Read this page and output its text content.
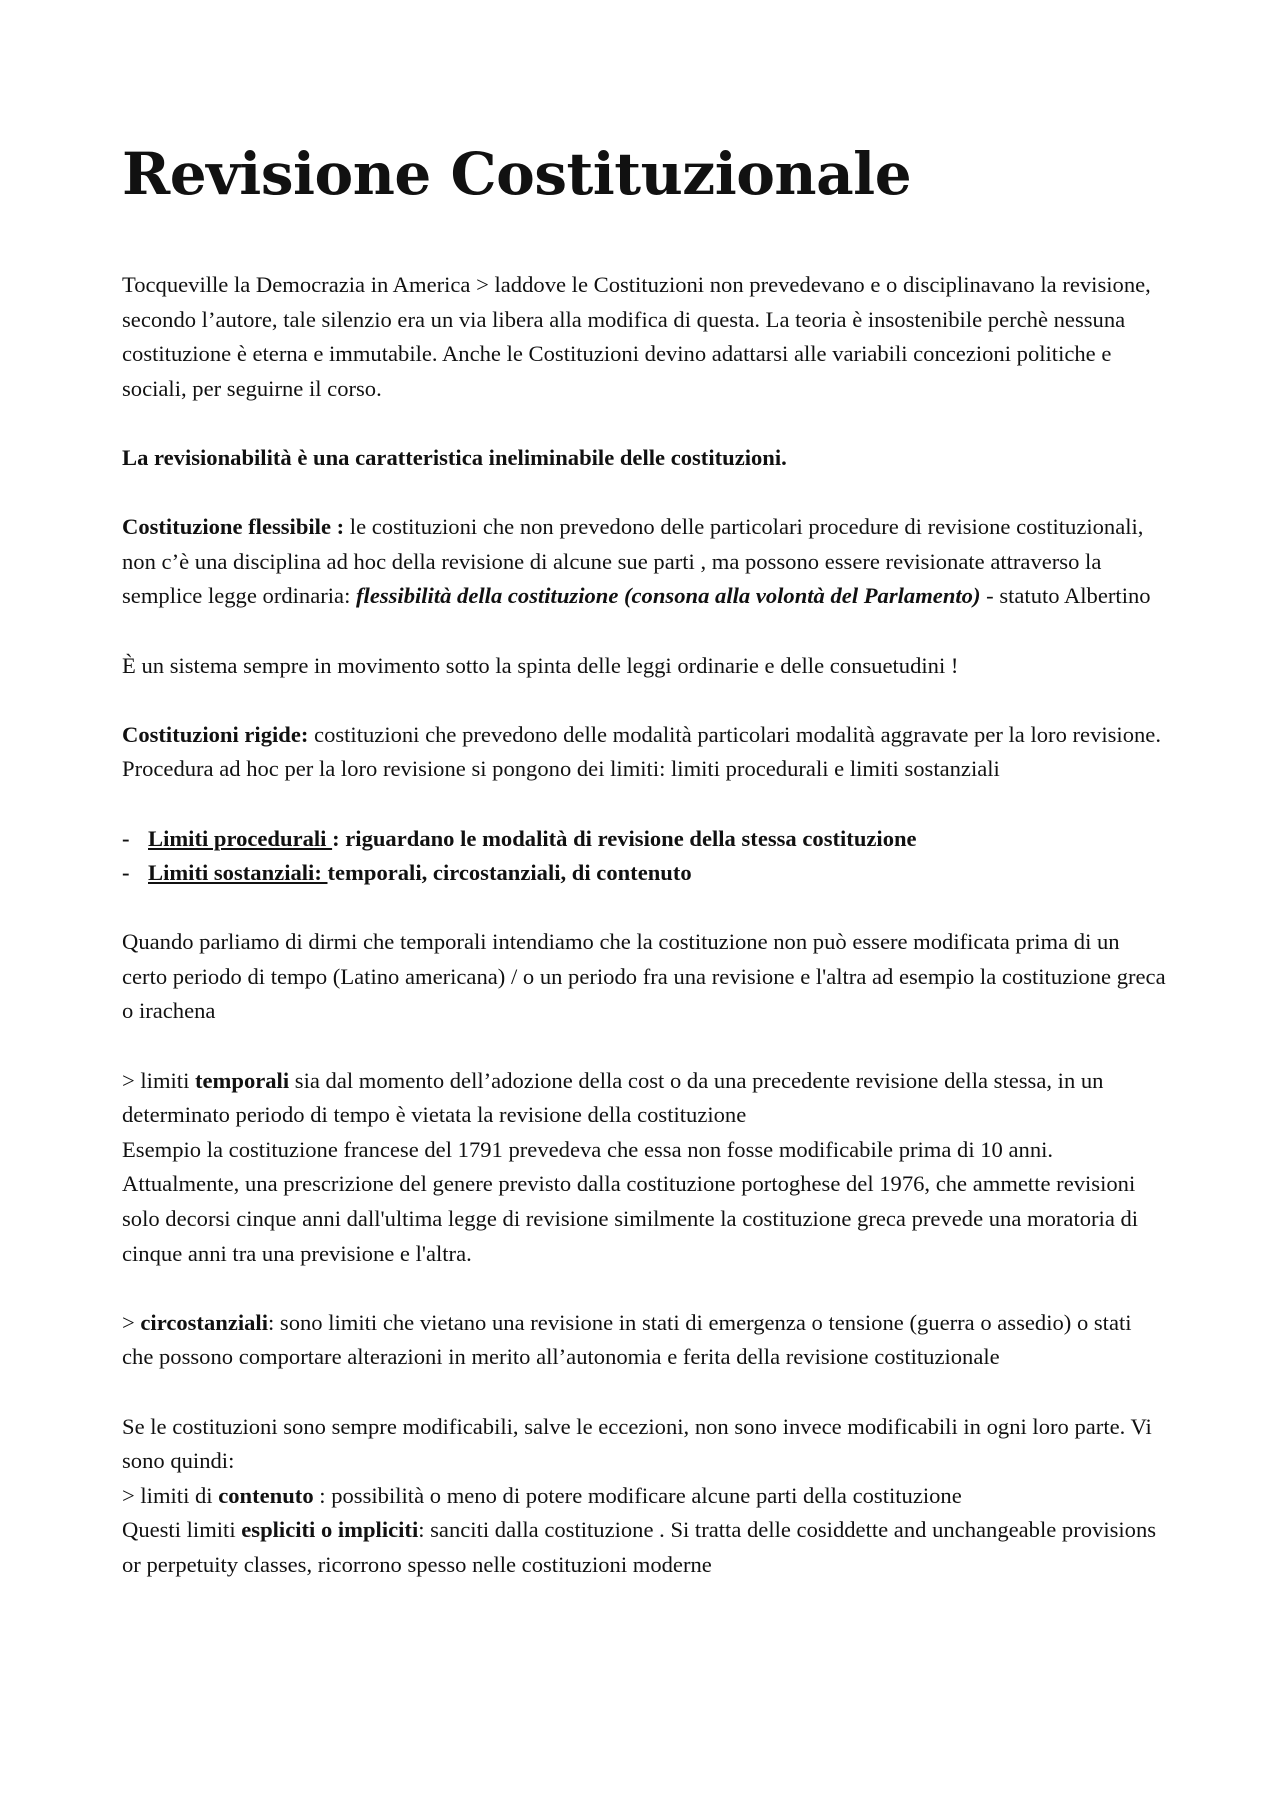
Revisione Costituzionale

Tocqueville la Democrazia in America > laddove le Costituzioni non prevedevano e o disciplinavano la revisione, secondo l’autore, tale silenzio era un via libera alla modifica di questa. La teoria è insostenibile perchè nessuna costituzione è eterna e immutabile. Anche le Costituzioni devino adattarsi alle variabili concezioni politiche e sociali, per seguirne il corso.

La revisionabilità è una caratteristica ineliminabile delle costituzioni.

Costituzione flessibile : le costituzioni che non prevedono delle particolari procedure di revisione costituzionali, non c’è una disciplina ad hoc della revisione di alcune sue parti , ma possono essere revisionate attraverso la semplice legge ordinaria: flessibilità della costituzione (consona alla volontà del Parlamento) - statuto Albertino

È un sistema sempre in movimento sotto la spinta delle leggi ordinarie e delle consuetudini !

Costituzioni rigide: costituzioni che prevedono delle modalità particolari modalità aggravate per la loro revisione. Procedura ad hoc per la loro revisione si pongono dei limiti: limiti procedurali e limiti sostanziali

- Limiti procedurali : riguardano le modalità di revisione della stessa costituzione
- Limiti sostanziali: temporali, circostanziali, di contenuto

Quando parliamo di dirmi che temporali intendiamo che la costituzione non può essere modificata prima di un certo periodo di tempo (Latino americana) / o un periodo fra una revisione e l'altra ad esempio la costituzione greca o irachena

> limiti temporali sia dal momento dell’adozione della cost o da una precedente revisione della stessa, in un determinato periodo di tempo è vietata la revisione della costituzione

Esempio la costituzione francese del 1791 prevedeva che essa non fosse modificabile prima di 10 anni. Attualmente, una prescrizione del genere previsto dalla costituzione portoghese del 1976, che ammette revisioni solo decorsi cinque anni dall'ultima legge di revisione similmente la costituzione greca prevede una moratoria di cinque anni tra una previsione e l'altra.

> circostanziali: sono limiti che vietano una revisione in stati di emergenza o tensione (guerra o assedio) o stati che possono comportare alterazioni in merito all’autonomia e ferita della revisione costituzionale

Se le costituzioni sono sempre modificabili, salve le eccezioni, non sono invece modificabili in ogni loro parte. Vi sono quindi:

> limiti di contenuto : possibilità o meno di potere modificare alcune parti della costituzione

Questi limiti espliciti o impliciti: sanciti dalla costituzione . Si tratta delle cosiddette and unchangeable provisions or perpetuity classes, ricorrono spesso nelle costituzioni moderne
